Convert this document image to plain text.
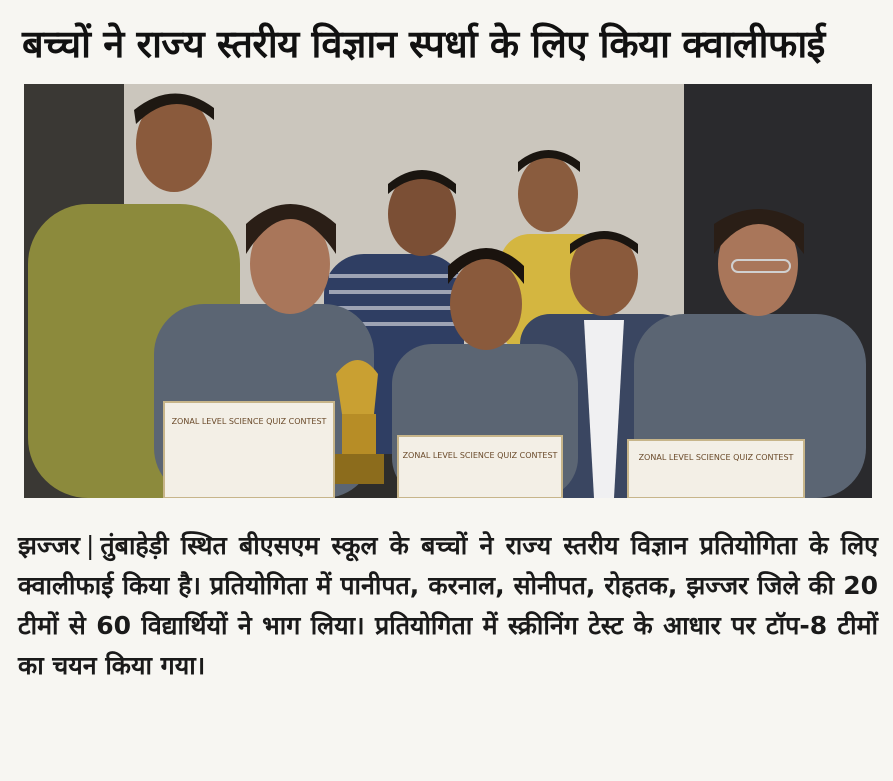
बच्चों ने राज्य स्तरीय विज्ञान स्पर्धा के लिए किया क्वालीफाई
ZONAL LEVEL SCIENCE QUIZ CONTEST
ZONAL LEVEL SCIENCE QUIZ CONTEST	ZONAL LEVEL SCIENCE QUIZ CONTEST
झज्जर | तुंबाहेड़ी स्थित बीएसएम स्कूल के बच्चों ने राज्य स्तरीय विज्ञान प्रतियोगिता के लिए क्वालीफाई किया है। प्रतियोगिता में पानीपत, करनाल, सोनीपत, रोहतक, झज्जर जिले की 20 टीमों से 60 विद्यार्थियों ने भाग लिया। प्रतियोगिता में स्क्रीनिंग टेस्ट के आधार पर टॉप-8 टीमों का चयन किया गया।
